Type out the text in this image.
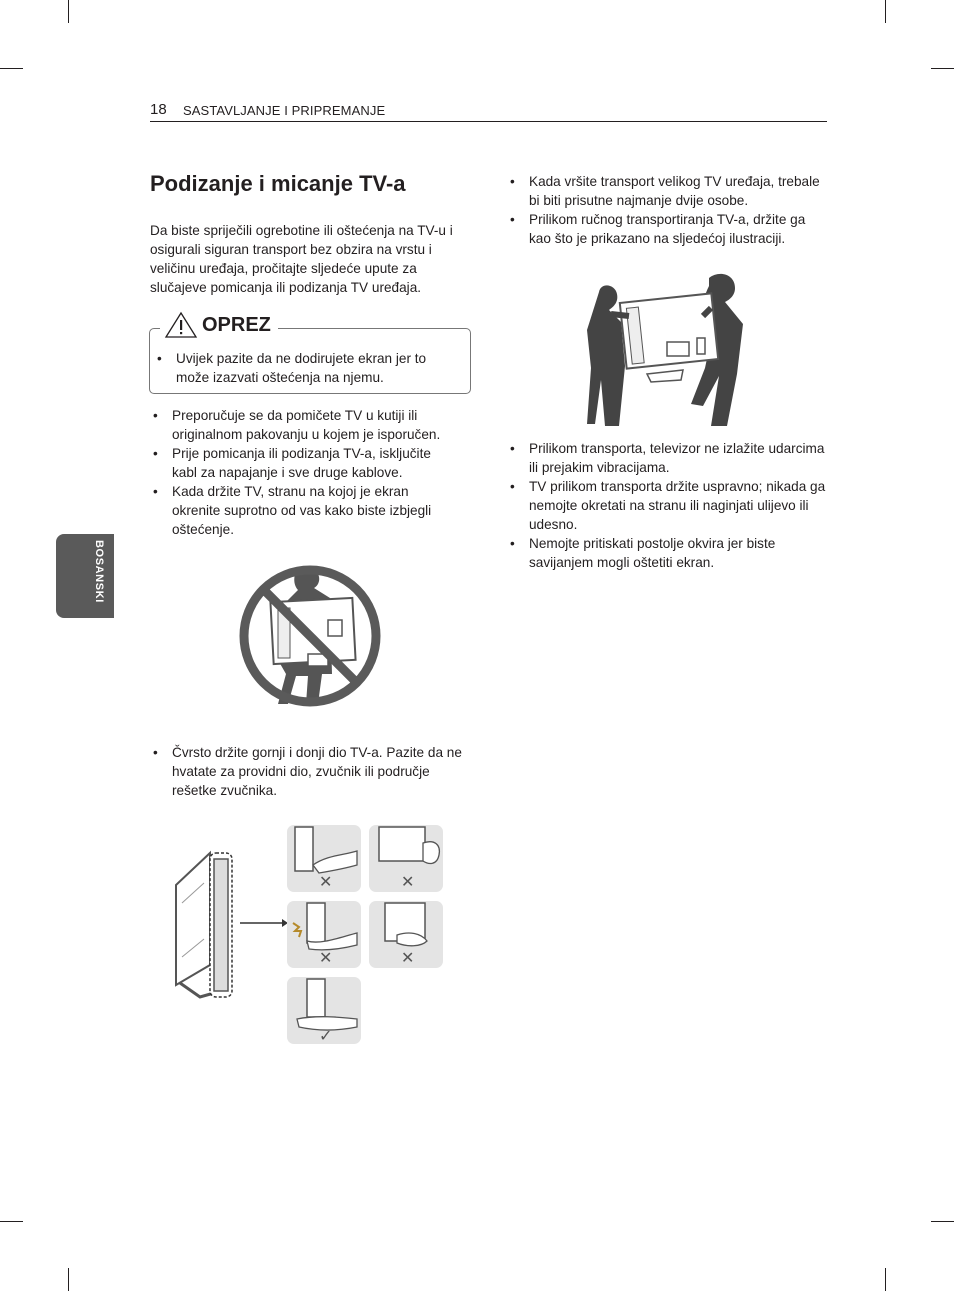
18 SASTAVLJANJE I PRIPREMANJE
BOSANSKI
Podizanje i micanje TV-a

Da biste spriječili ogrebotine ili oštećenja na TV-u i osigurali siguran transport bez obzira na vrstu i veličinu uređaja, pročitajte sljedeće upute za slučajeve pomicanja ili podizanja TV uređaja.

OPREZ
• Uvijek pazite da ne dodirujete ekran jer to može izazvati oštećenja na njemu.
• Preporučuje se da pomičete TV u kutiji ili originalnom pakovanju u kojem je isporučen.
• Prije pomicanja ili podizanja TV-a, isključite kabl za napajanje i sve druge kablove.
• Kada držite TV, stranu na kojoj je ekran okrenite suprotno od vas kako biste izbjegli oštećenje.
• Čvrsto držite gornji i donji dio TV-a. Pazite da ne hvatate za providni dio, zvučnik ili područje rešetke zvučnika.
✕	✕
✕	✕
✓
• Kada vršite transport velikog TV uređaja, trebale bi biti prisutne najmanje dvije osobe.
• Prilikom ručnog transportiranja TV-a, držite ga kao što je prikazano na sljedećoj ilustraciji.
• Prilikom transporta, televizor ne izlažite udarcima ili prejakim vibracijama.
• TV prilikom transporta držite uspravno; nikada ga nemojte okretati na stranu ili naginjati ulijevo ili udesno.
• Nemojte pritiskati postolje okvira jer biste savijanjem mogli oštetiti ekran.
